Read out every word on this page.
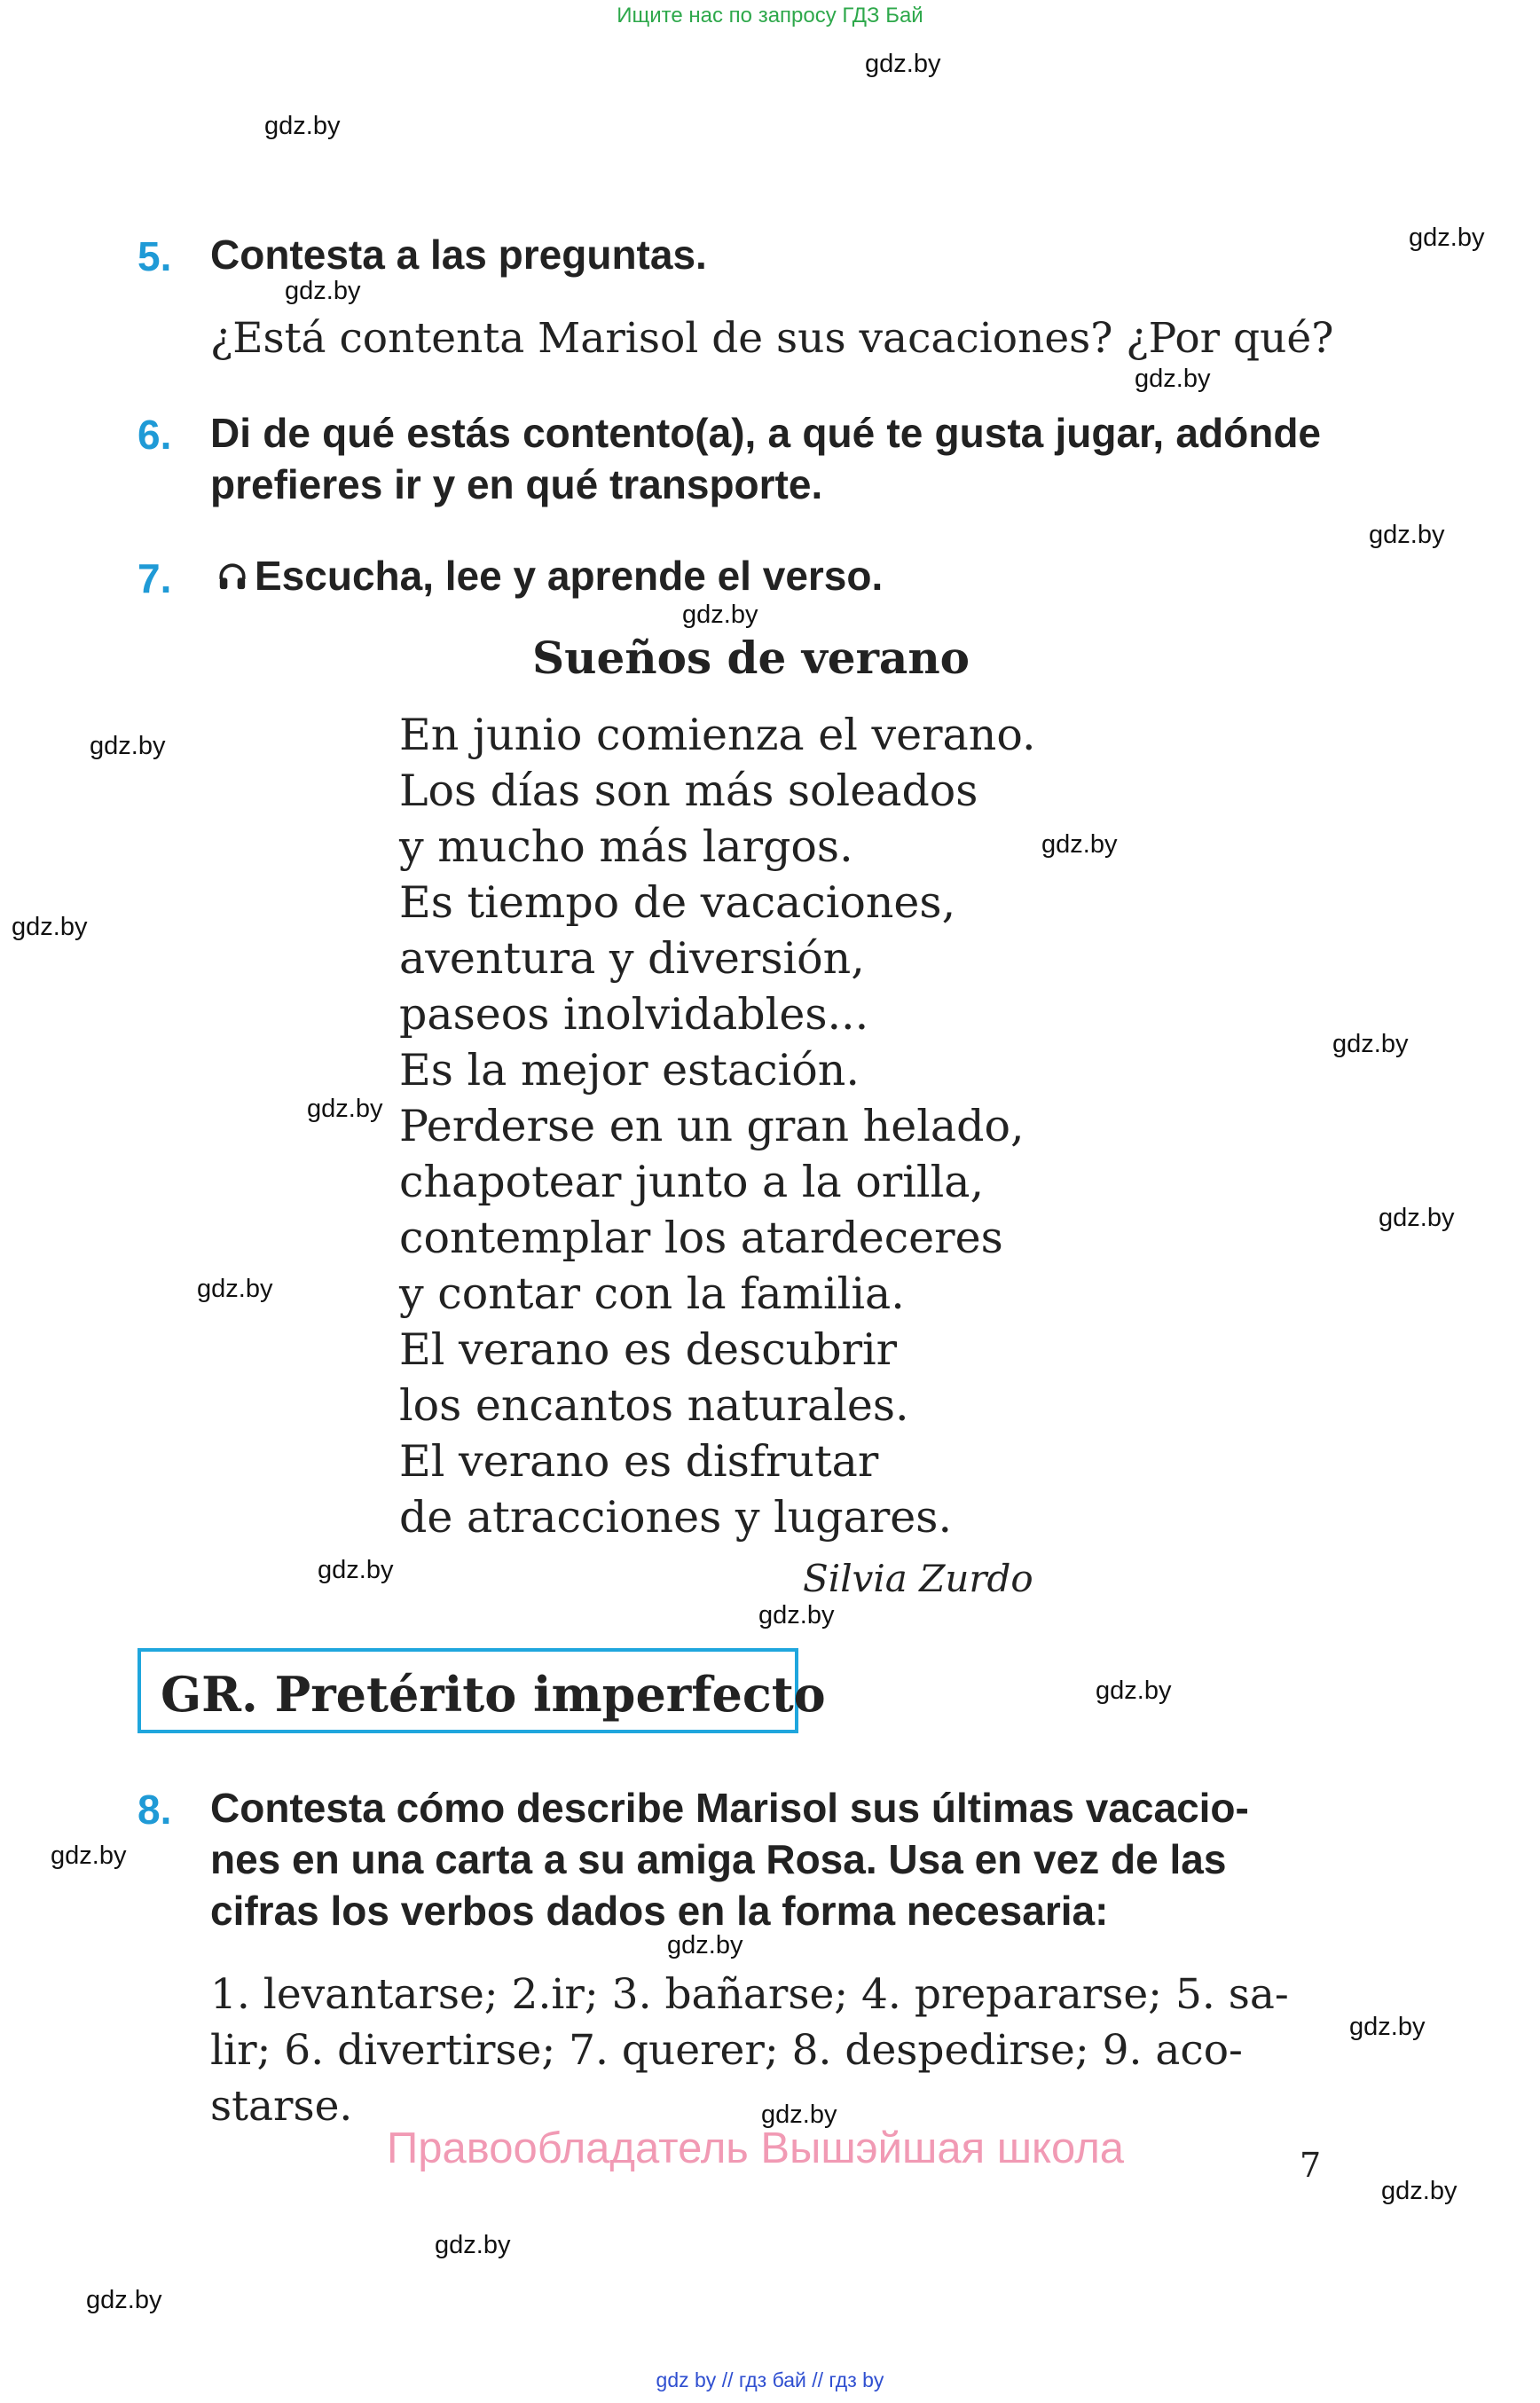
Ищите нас по запросу ГДЗ Бай
gdz.by
gdz.by
gdz.by
gdz.by
gdz.by
gdz.by
gdz.by
gdz.by
gdz.by
gdz.by
gdz.by
gdz.by
gdz.by
gdz.by
gdz.by
gdz.by
gdz.by
gdz.by
gdz.by
gdz.by
gdz.by
gdz.by
gdz.by
gdz.by
5. Contesta a las preguntas.
¿Está contenta Marisol de sus vacaciones? ¿Por qué?
6. Di de qué estás contento(a), a qué te gusta jugar, adónde prefieres ir y en qué transporte.
7.	Escucha, lee y aprende el verso.
Sueños de verano
En junio comienza el verano.
Los días son más soleados
y mucho más largos.
Es tiempo de vacaciones,
aventura y diversión,
paseos inolvidables...
Es la mejor estación.
Perderse en un gran helado,
chapotear junto a la orilla,
contemplar los atardeceres
y contar con la familia.
El verano es descubrir
los encantos naturales.
El verano es disfrutar
de atracciones y lugares.
Silvia Zurdo
GR. Pretérito imperfecto
8. Contesta cómo describe Marisol sus últimas vacacio-
nes en una carta a su amiga Rosa. Usa en vez de las
cifras los verbos dados en la forma necesaria:
1. levantarse; 2.ir; 3. bañarse; 4. prepararse; 5. sa-
lir; 6. divertirse; 7. querer; 8. despedirse; 9. aco-
starse.
Правообладатель Вышэйшая школа	7
gdz by // гдз бай // гдз by
